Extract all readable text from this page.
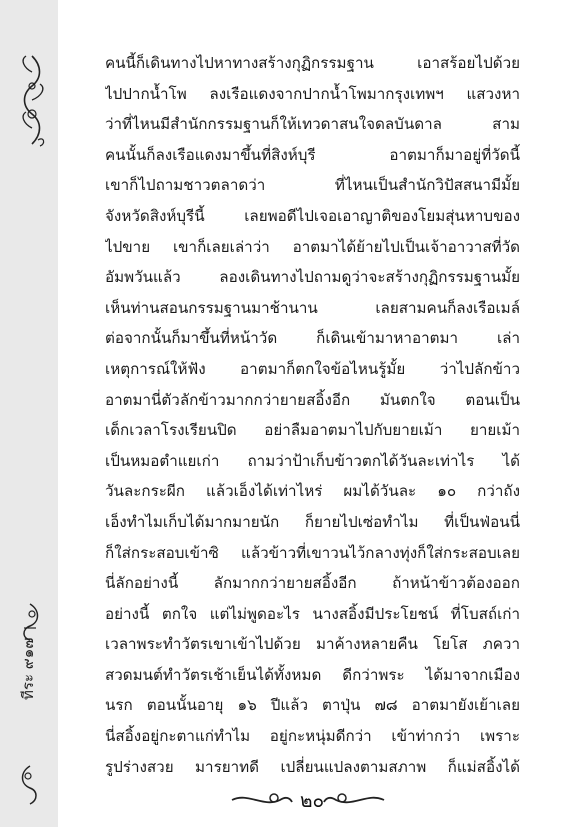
ทีระ ๙๑๗
คนนี้ก็เดินทางไปหาทางสร้างกุฏิกรรมฐาน เอาสร้อยไปด้วย
ไปปากน้ำโพ ลงเรือแดงจากปากน้ำโพมากรุงเทพฯ แสวงหา
ว่าที่ไหนมีสำนักกรรมฐานก็ให้เทวดาสนใจดลบันดาล สาม
คนนั้นก็ลงเรือแดงมาขึ้นที่สิงห์บุรี อาตมาก็มาอยู่ที่วัดนี้
เขาก็ไปถามชาวตลาดว่า ที่ไหนเป็นสำนักวิปัสสนามีมั้ย
จังหวัดสิงห์บุรีนี้ เลยพอดีไปเจอเอาญาติของโยมสุ่นหาบของ
ไปขาย เขาก็เลยเล่าว่า อาตมาได้ย้ายไปเป็นเจ้าอาวาสที่วัด
อัมพวันแล้ว ลองเดินทางไปถามดูว่าจะสร้างกุฏิกรรมฐานมั้ย
เห็นท่านสอนกรรมฐานมาช้านาน เลยสามคนก็ลงเรือเมล์
ต่อจากนั้นก็มาขึ้นที่หน้าวัด ก็เดินเข้ามาหาอาตมา เล่า
เหตุการณ์ให้ฟัง อาตมาก็ตกใจข้อไหนรู้มั้ย ว่าไปลักข้าว
อาตมานี่ตัวลักข้าวมากกว่ายายสอิ้งอีก มันตกใจ ตอนเป็น
เด็กเวลาโรงเรียนปิด อย่าลืมอาตมาไปกับยายเม้า ยายเม้า
เป็นหมอตำแยเก่า ถามว่าป้าเก็บข้าวตกได้วันละเท่าไร ได้
วันละกระผีก แล้วเอ็งได้เท่าไหร่ ผมได้วันละ ๑๐ กว่าถัง
เอ็งทำไมเก็บได้มากมายนัก ก็ยายไปเซ่อทำไม ที่เป็นฟ่อนนี่
ก็ใส่กระสอบเข้าซิ แล้วข้าวที่เขาวนไว้กลางทุ่งก็ใส่กระสอบเลย
นี่ลักอย่างนี้ ลักมากกว่ายายสอิ้งอีก ถ้าหน้าข้าวต้องออก
อย่างนี้ ตกใจ แต่ไม่พูดอะไร นางสอิ้งมีประโยชน์ ที่โบสถ์เก่า
เวลาพระทำวัตรเขาเข้าไปด้วย มาค้างหลายคืน โยโส ภควา
สวดมนต์ทำวัตรเช้าเย็นได้ทั้งหมด ดีกว่าพระ ได้มาจากเมือง
นรก ตอนนั้นอายุ ๑๖ ปีแล้ว ตาปุ่น ๗๘ อาตมายังเย้าเลย
นี่สอิ้งอยู่กะตาแก่ทำไม อยู่กะหนุ่มดีกว่า เข้าท่ากว่า เพราะ
รูปร่างสวย มารยาทดี เปลี่ยนแปลงตามสภาพ ก็แม่สอิ้งได้
๒๐
